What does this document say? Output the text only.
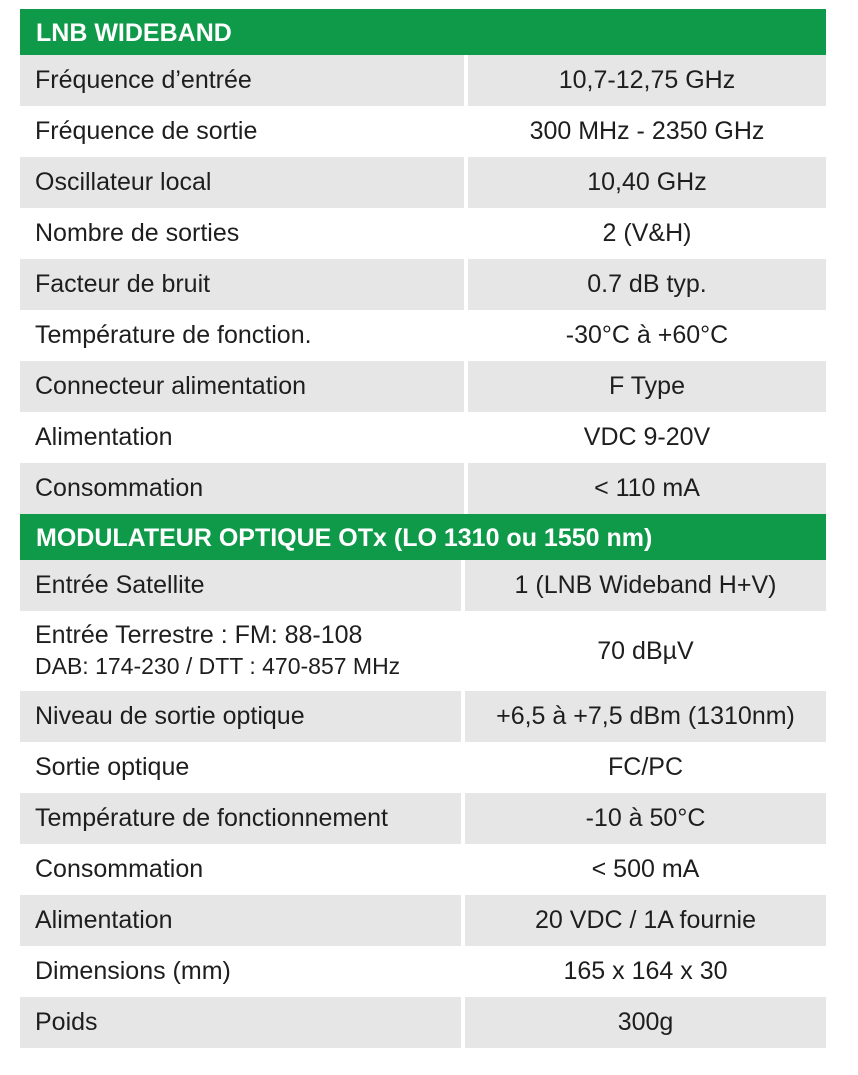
LNB WIDEBAND
Fréquence d’entrée	10,7-12,75 GHz
Fréquence de sortie	300 MHz - 2350 GHz
Oscillateur local	10,40 GHz
Nombre de sorties	2 (V&H)
Facteur de bruit	0.7 dB typ.
Température de fonction.	-30°C à +60°C
Connecteur alimentation	F Type
Alimentation	VDC 9-20V
Consommation	< 110 mA
MODULATEUR OPTIQUE OTx (LO 1310 ou 1550 nm)
Entrée Satellite	1 (LNB Wideband H+V)

Entrée Terrestre : FM: 88-108
DAB: 174-230 / DTT : 470-857 MHz	70 dBµV
Niveau de sortie optique	+6,5 à +7,5 dBm (1310nm)
Sortie optique	FC/PC
Température de fonctionnement	-10 à 50°C
Consommation	< 500 mA
Alimentation	20 VDC / 1A fournie
Dimensions (mm)	165 x 164 x 30
Poids	300g
